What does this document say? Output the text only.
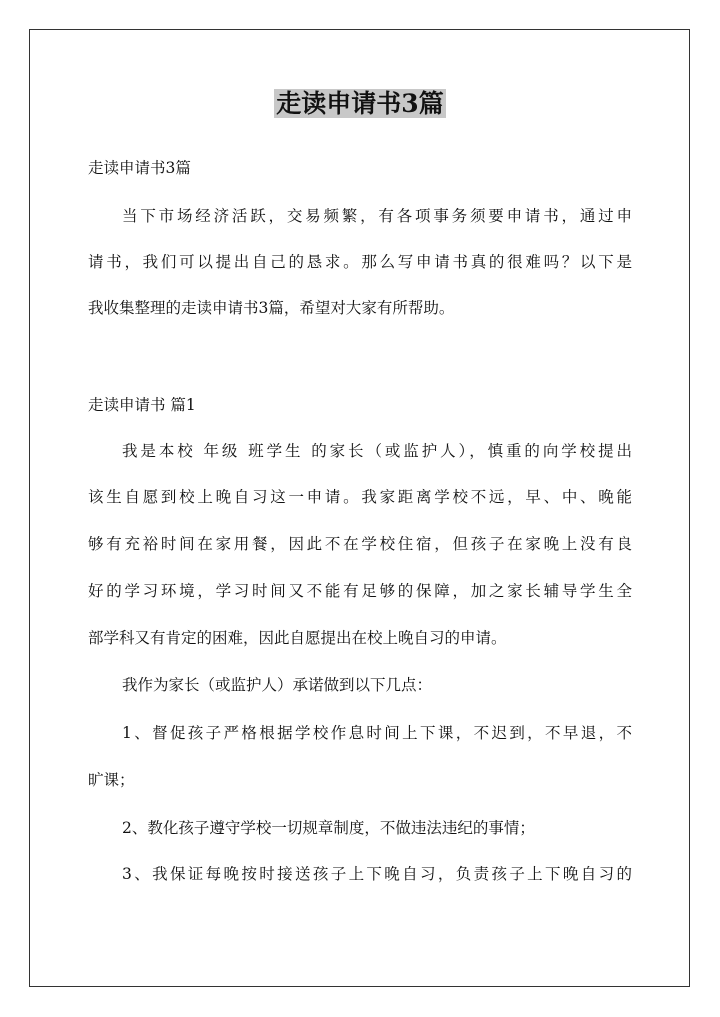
走读申请书3篇

走读申请书3篇

当下市场经济活跃，交易频繁，有各项事务须要申请书，通过申

请书，我们可以提出自己的恳求。那么写申请书真的很难吗？以下是

我收集整理的走读申请书3篇，希望对大家有所帮助。

走读申请书 篇1

我是本校 年级 班学生 的家长（或监护人），慎重的向学校提出

该生自愿到校上晚自习这一申请。我家距离学校不远，早、中、晚能

够有充裕时间在家用餐，因此不在学校住宿，但孩子在家晚上没有良

好的学习环境，学习时间又不能有足够的保障，加之家长辅导学生全

部学科又有肯定的困难，因此自愿提出在校上晚自习的申请。

我作为家长（或监护人）承诺做到以下几点：

1、督促孩子严格根据学校作息时间上下课，不迟到，不早退，不

旷课；

2、教化孩子遵守学校一切规章制度，不做违法违纪的事情；

3、我保证每晚按时接送孩子上下晚自习，负责孩子上下晚自习的
